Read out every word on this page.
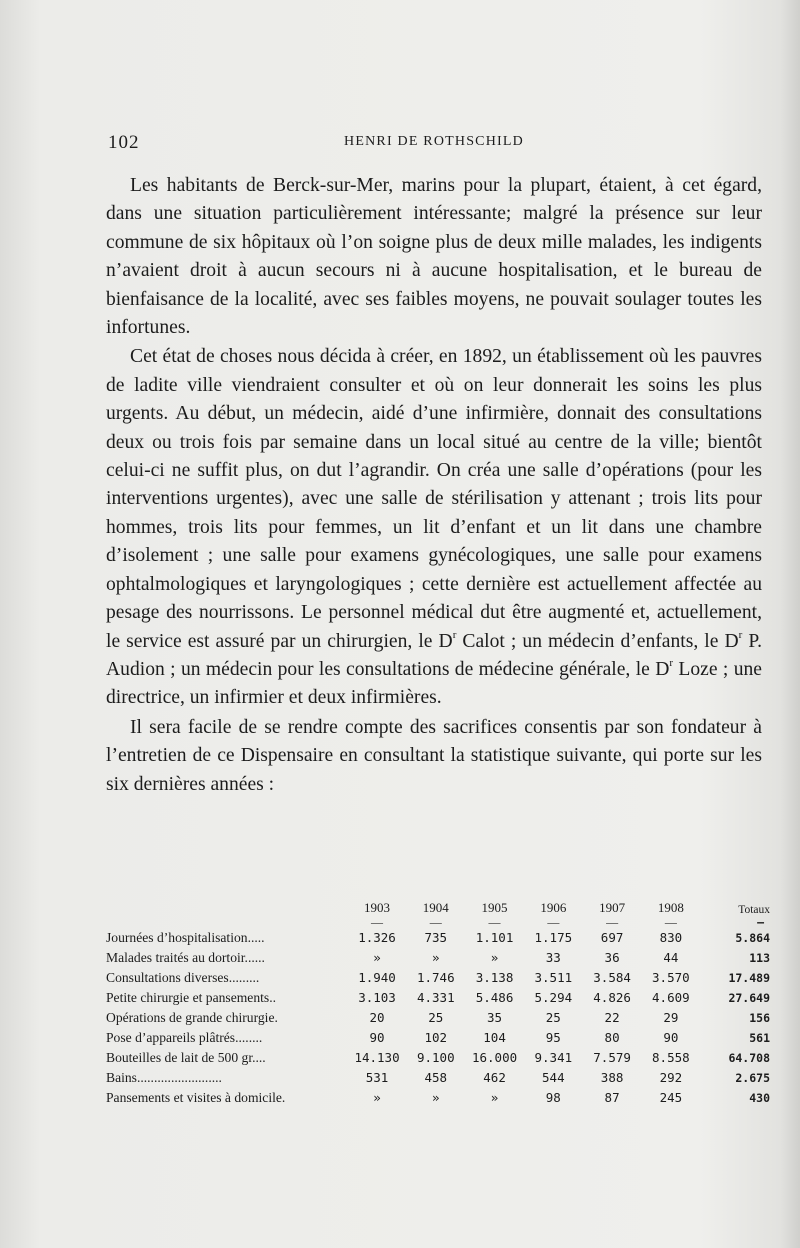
102	HENRI DE ROTHSCHILD

Les habitants de Berck-sur-Mer, marins pour la plupart, étaient, à cet égard, dans une situation particulièrement intéressante; malgré la présence sur leur commune de six hôpitaux où l’on soigne plus de deux mille malades, les indigents n’avaient droit à aucun secours ni à aucune hospitalisation, et le bureau de bienfaisance de la localité, avec ses faibles moyens, ne pouvait soulager toutes les infortunes.

Cet état de choses nous décida à créer, en 1892, un établissement où les pauvres de ladite ville viendraient consulter et où on leur donnerait les soins les plus urgents. Au début, un médecin, aidé d’une infirmière, donnait des consultations deux ou trois fois par semaine dans un local situé au centre de la ville; bientôt celui-ci ne suffit plus, on dut l’agrandir. On créa une salle d’opérations (pour les interventions urgentes), avec une salle de stérilisation y attenant ; trois lits pour hommes, trois lits pour femmes, un lit d’enfant et un lit dans une chambre d’isolement ; une salle pour examens gynécologiques, une salle pour examens ophtalmologiques et laryngologiques ; cette dernière est actuellement affectée au pesage des nourrissons. Le personnel médical dut être augmenté et, actuellement, le service est assuré par un chirurgien, le $D^r$ Calot ; un médecin d’enfants, le $D^r$ P. Audion ; un médecin pour les consultations de médecine générale, le $D^r$ Loze ; une directrice, un infirmier et deux infirmières.

Il sera facile de se rendre compte des sacrifices consentis par son fondateur à l’entretien de ce Dispensaire en consultant la statistique suivante, qui porte sur les six dernières années :

	1903	1904	1905	1906	1907	1908	Totaux
	—	—	—	—	—	—	—
Journées d’hospitalisation.....	1.326	735	1.101	1.175	697	830	5.864
Malades traités au dortoir......	»	»	»	33	36	44	113
Consultations diverses.........	1.940	1.746	3.138	3.511	3.584	3.570	17.489
Petite chirurgie et pansements..	3.103	4.331	5.486	5.294	4.826	4.609	27.649
Opérations de grande chirurgie.	20	25	35	25	22	29	156
Pose d’appareils plâtrés........	90	102	104	95	80	90	561
Bouteilles de lait de 500 gr....	14.130	9.100	16.000	9.341	7.579	8.558	64.708
Bains.........................	531	458	462	544	388	292	2.675
Pansements et visites à domicile.	»	»	»	98	87	245	430
